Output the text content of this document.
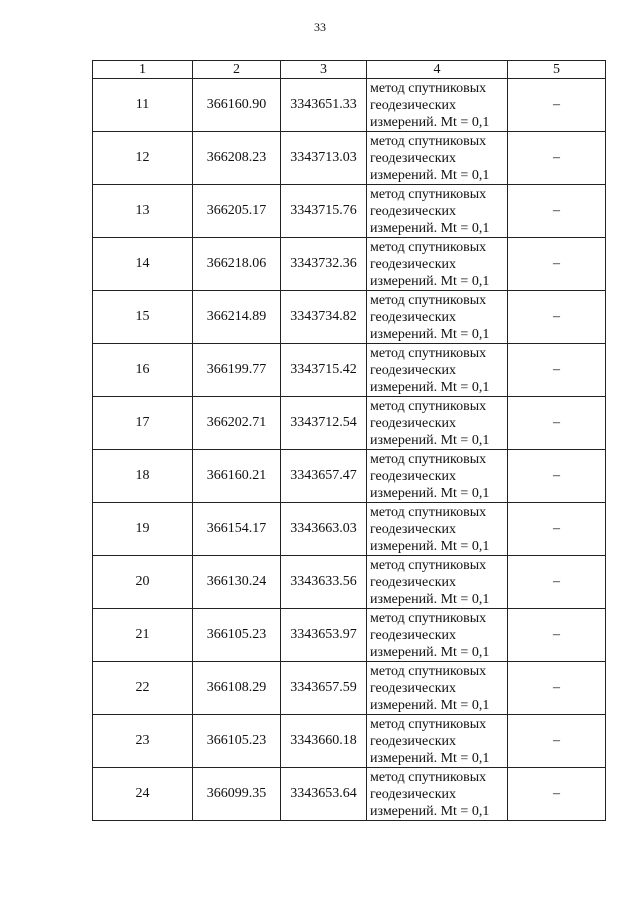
33
1	2	3	4	5
11	366160.90	3343651.33	метод спутниковых
геодезических
измерений. Mt = 0,1	–
12	366208.23	3343713.03	метод спутниковых
геодезических
измерений. Mt = 0,1	–
13	366205.17	3343715.76	метод спутниковых
геодезических
измерений. Mt = 0,1	–
14	366218.06	3343732.36	метод спутниковых
геодезических
измерений. Mt = 0,1	–
15	366214.89	3343734.82	метод спутниковых
геодезических
измерений. Mt = 0,1	–
16	366199.77	3343715.42	метод спутниковых
геодезических
измерений. Mt = 0,1	–
17	366202.71	3343712.54	метод спутниковых
геодезических
измерений. Mt = 0,1	–
18	366160.21	3343657.47	метод спутниковых
геодезических
измерений. Mt = 0,1	–
19	366154.17	3343663.03	метод спутниковых
геодезических
измерений. Mt = 0,1	–
20	366130.24	3343633.56	метод спутниковых
геодезических
измерений. Mt = 0,1	–
21	366105.23	3343653.97	метод спутниковых
геодезических
измерений. Mt = 0,1	–
22	366108.29	3343657.59	метод спутниковых
геодезических
измерений. Mt = 0,1	–
23	366105.23	3343660.18	метод спутниковых
геодезических
измерений. Mt = 0,1	–
24	366099.35	3343653.64	метод спутниковых
геодезических
измерений. Mt = 0,1	–
